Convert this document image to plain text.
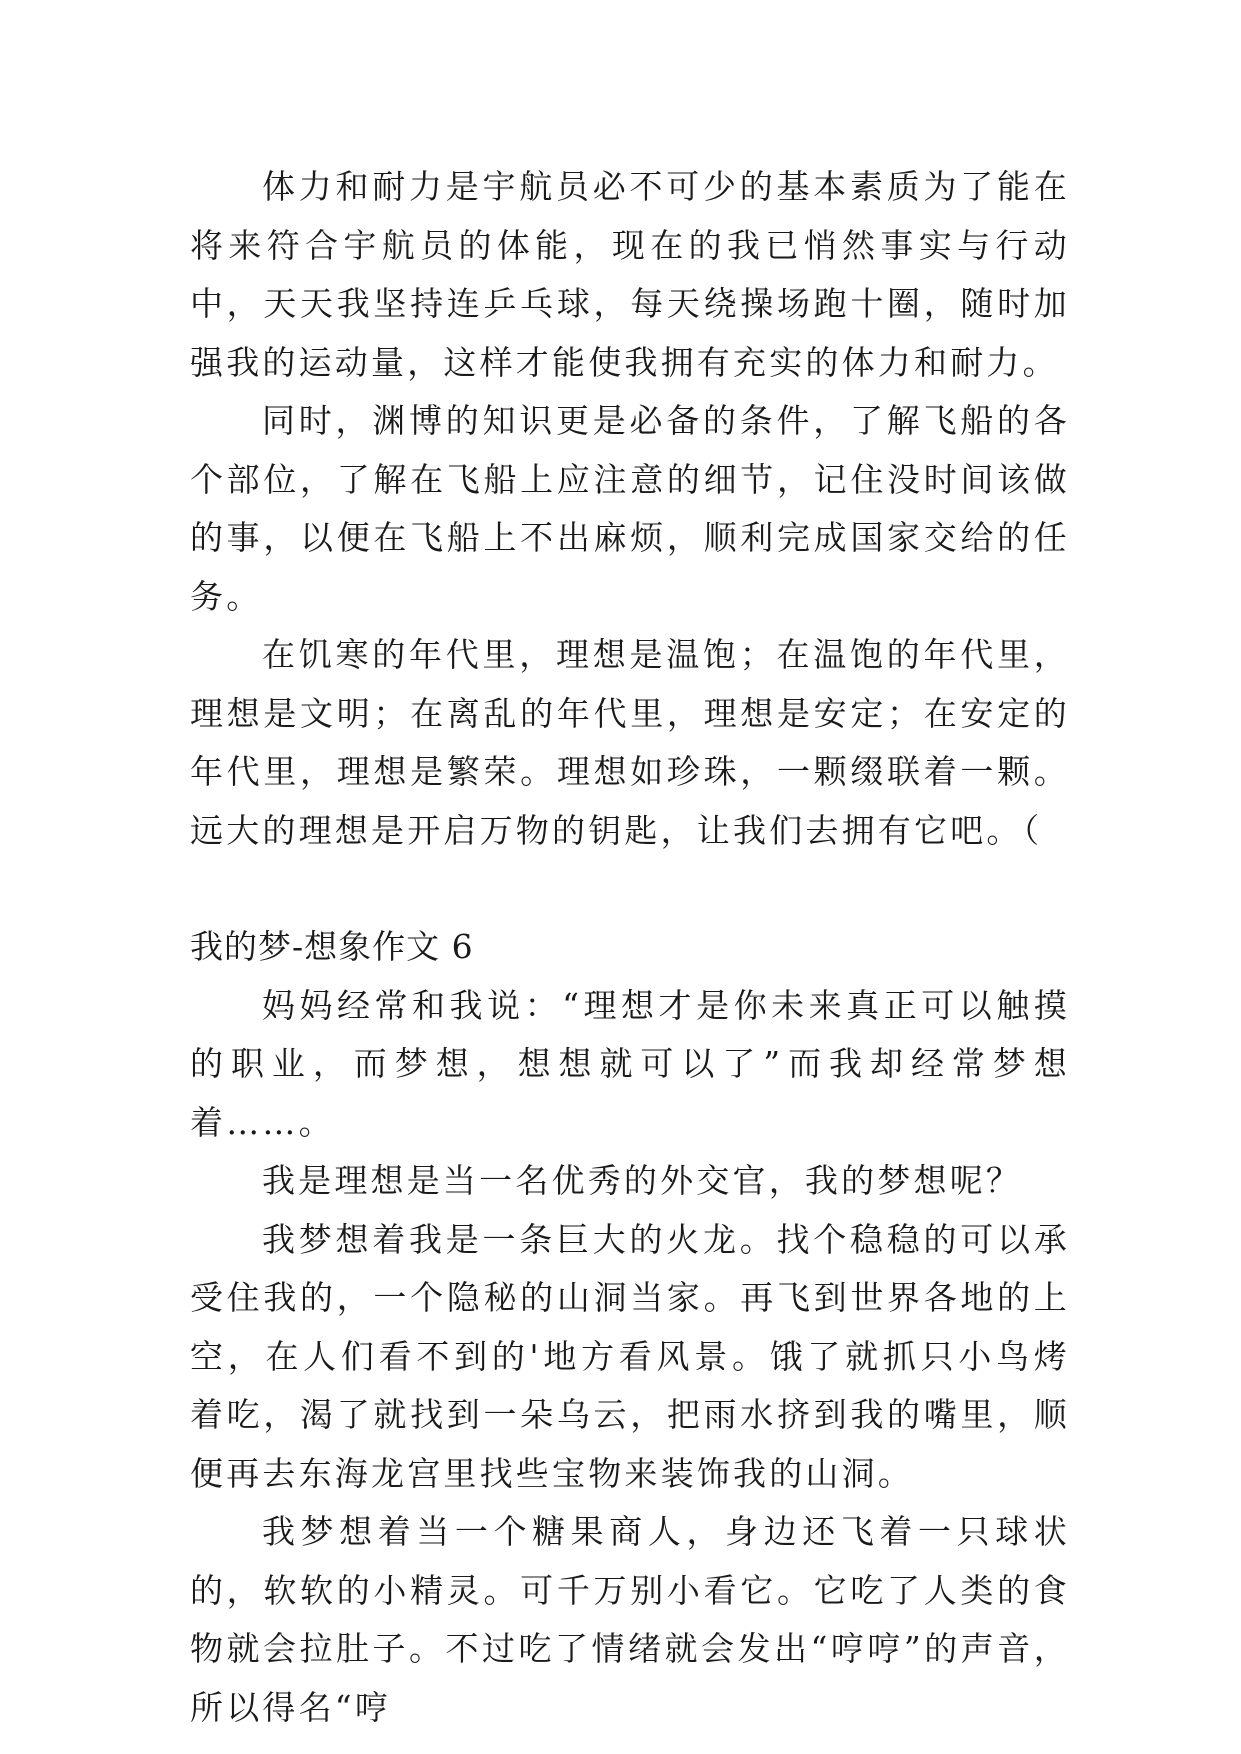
体力和耐力是宇航员必不可少的基本素质为了能在将来符合宇航员的体能，现在的我已悄然事实与行动中，天天我坚持连乒乓球，每天绕操场跑十圈，随时加强我的运动量，这样才能使我拥有充实的体力和耐力。

同时，渊博的知识更是必备的条件，了解飞船的各个部位，了解在飞船上应注意的细节，记住没时间该做的事，以便在飞船上不出麻烦，顺利完成国家交给的任务。

在饥寒的年代里，理想是温饱；在温饱的年代里，理想是文明；在离乱的年代里，理想是安定；在安定的年代里，理想是繁荣。理想如珍珠，一颗缀联着一颗。远大的理想是开启万物的钥匙，让我们去拥有它吧。（

我的梦-想象作文 6

妈妈经常和我说：“理想才是你未来真正可以触摸的职业，而梦想，想想就可以了”而我却经常梦想着……。

我是理想是当一名优秀的外交官，我的梦想呢？

我梦想着我是一条巨大的火龙。找个稳稳的可以承受住我的，一个隐秘的山洞当家。再飞到世界各地的上空，在人们看不到的'地方看风景。饿了就抓只小鸟烤着吃，渴了就找到一朵乌云，把雨水挤到我的嘴里，顺便再去东海龙宫里找些宝物来装饰我的山洞。

我梦想着当一个糖果商人，身边还飞着一只球状的，软软的小精灵。可千万别小看它。它吃了人类的食物就会拉肚子。不过吃了情绪就会发出“哼哼”的声音，所以得名“哼
